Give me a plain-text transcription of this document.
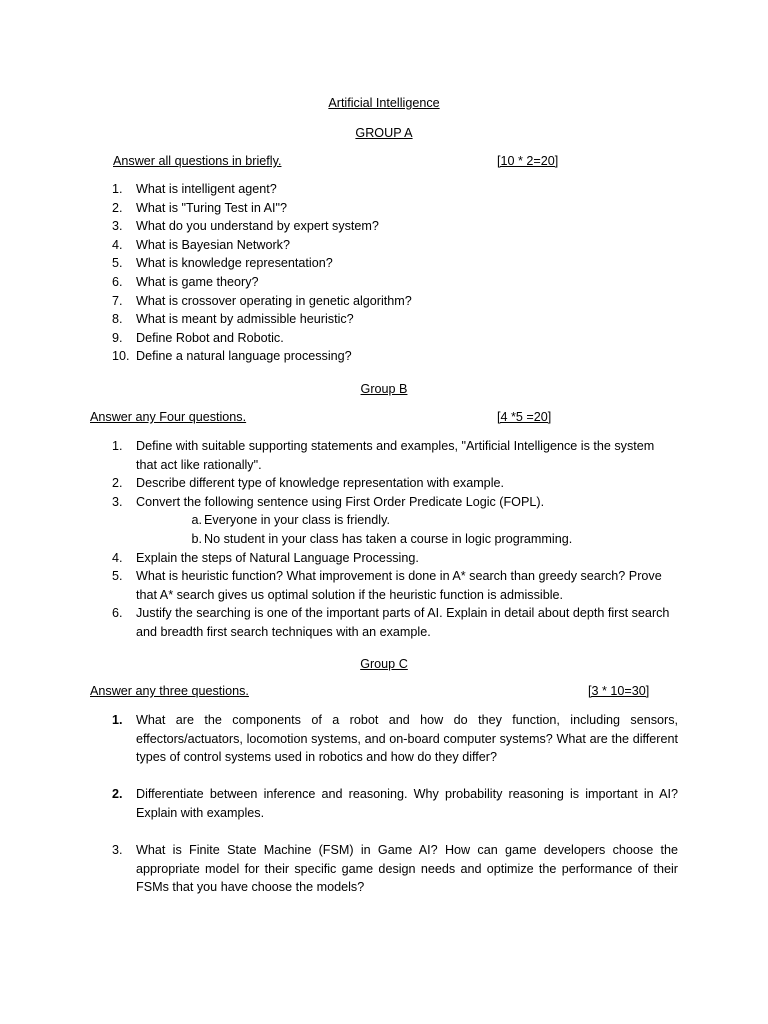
Artificial Intelligence
GROUP A
Answer all questions in briefly.	[10 * 2=20]
1.	What is intelligent agent?
2.	What is "Turing Test in AI"?
3.	What do you understand by expert system?
4.	What is Bayesian Network?
5.	What is knowledge representation?
6.	What is game theory?
7.	What is crossover operating in genetic algorithm?
8.	What is meant by admissible heuristic?
9.	Define Robot and Robotic.
10. Define a natural language processing?
Group B
Answer any Four questions.	[4 *5 =20]
1.	Define with suitable supporting statements and examples, "Artificial Intelligence is the system that act like rationally".
2.	Describe different type of knowledge representation with example.
3.	Convert the following sentence using First Order Predicate Logic (FOPL).
a. Everyone in your class is friendly.
b. No student in your class has taken a course in logic programming.
4.	Explain the steps of Natural Language Processing.
5.	What is heuristic function? What improvement is done in A* search than greedy search? Prove that A* search gives us optimal solution if the heuristic function is admissible.
6.	Justify the searching is one of the important parts of AI. Explain in detail about depth first search and breadth first search techniques with an example.
Group C
Answer any three questions.	[3 * 10=30]
1.	What are the components of a robot and how do they function, including sensors, effectors/actuators, locomotion systems, and on-board computer systems? What are the different types of control systems used in robotics and how do they differ?
2.	Differentiate between inference and reasoning. Why probability reasoning is important in AI? Explain with examples.
3.	What is Finite State Machine (FSM) in Game AI? How can game developers choose the appropriate model for their specific game design needs and optimize the performance of their FSMs that you have choose the models?
